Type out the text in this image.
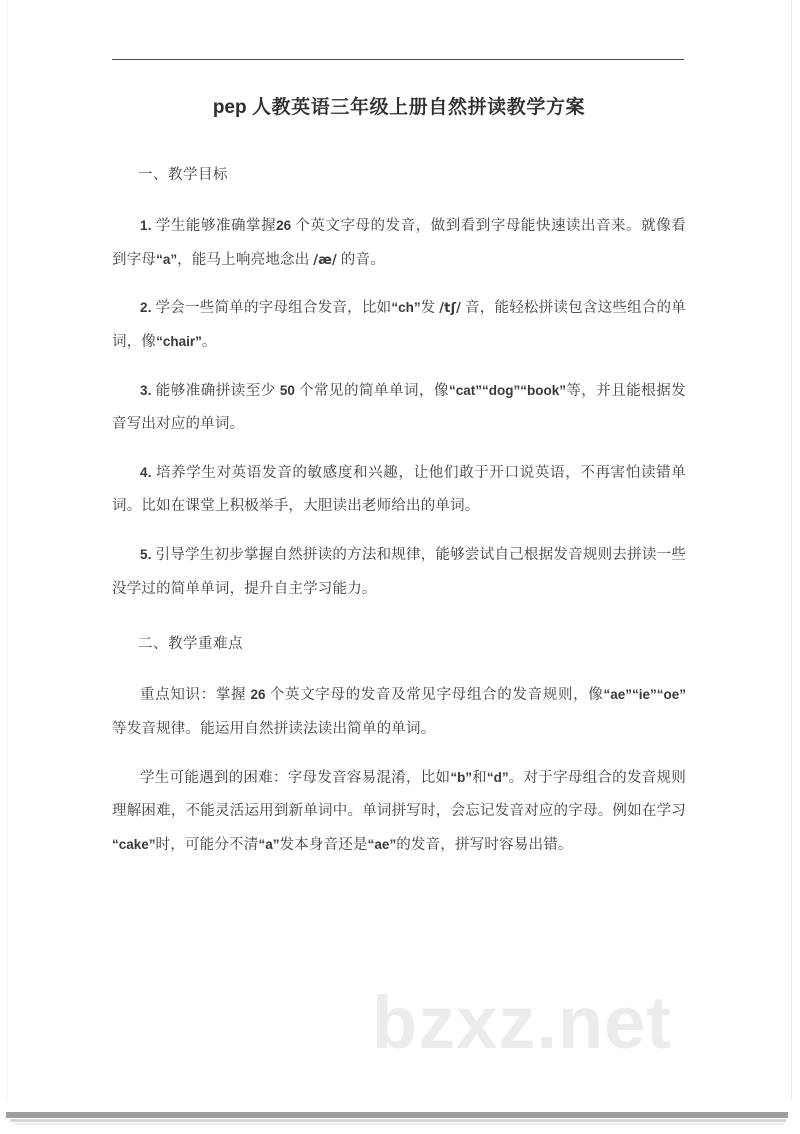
pep 人教英语三年级上册自然拼读教学方案

一、教学目标

1. 学生能够准确掌握26 个英文字母的发音，做到看到字母能快速读出音来。就像看到字母“a”，能马上响亮地念出 /æ/ 的音。

2. 学会一些简单的字母组合发音，比如“ch”发 /tʃ/ 音，能轻松拼读包含这些组合的单词，像“chair”。

3. 能够准确拼读至少 50 个常见的简单单词，像“cat”“dog”“book”等，并且能根据发音写出对应的单词。

4. 培养学生对英语发音的敏感度和兴趣，让他们敢于开口说英语，不再害怕读错单词。比如在课堂上积极举手，大胆读出老师给出的单词。

5. 引导学生初步掌握自然拼读的方法和规律，能够尝试自己根据发音规则去拼读一些没学过的简单单词，提升自主学习能力。

二、教学重难点

重点知识：掌握 26 个英文字母的发音及常见字母组合的发音规则，像“ae”“ie”“oe”等发音规律。能运用自然拼读法读出简单的单词。

学生可能遇到的困难：字母发音容易混淆，比如“b”和“d”。对于字母组合的发音规则理解困难，不能灵活运用到新单词中。单词拼写时，会忘记发音对应的字母。例如在学习“cake”时，可能分不清“a”发本身音还是“ae”的发音，拼写时容易出错。

bzxz.net
